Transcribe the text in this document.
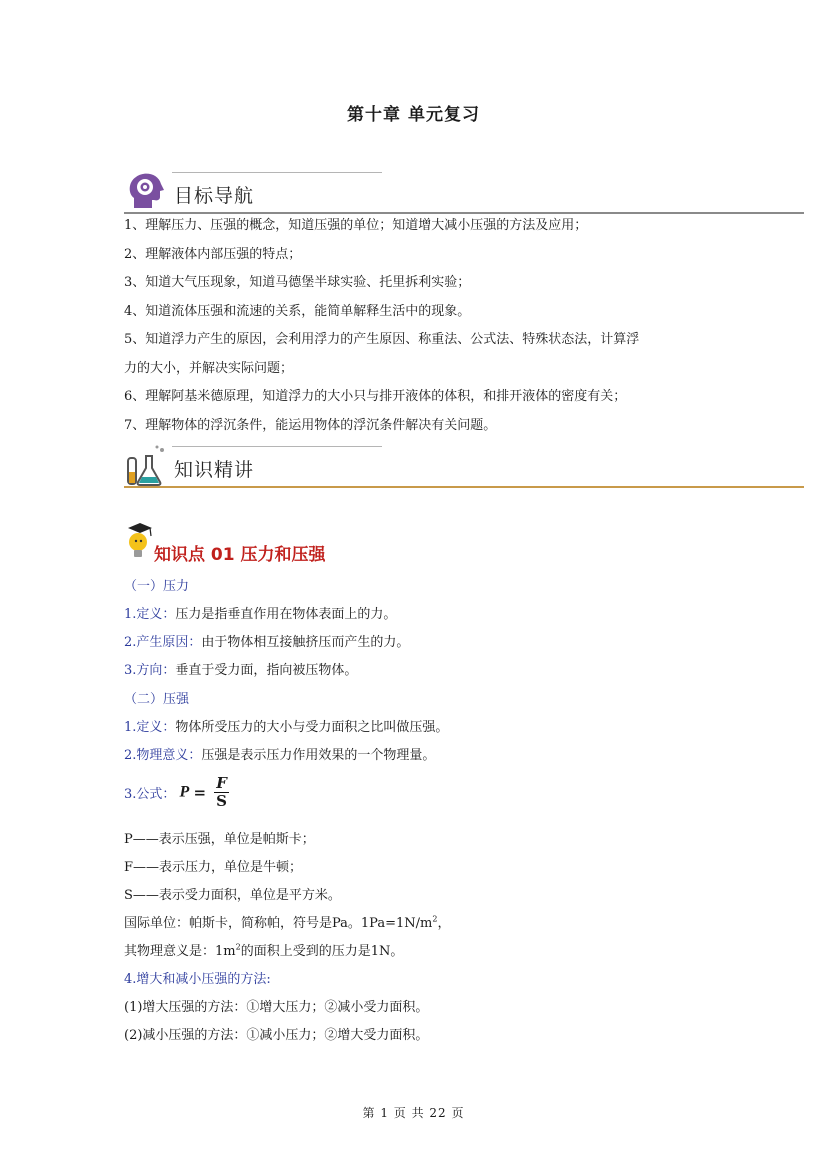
第十章 单元复习
目标导航
1、理解压力、压强的概念，知道压强的单位；知道增大减小压强的方法及应用；
2、理解液体内部压强的特点；
3、知道大气压现象，知道马德堡半球实验、托里拆利实验；
4、知道流体压强和流速的关系，能简单解释生活中的现象。
5、知道浮力产生的原因，会利用浮力的产生原因、称重法、公式法、特殊状态法，计算浮
力的大小，并解决实际问题；
6、理解阿基米德原理，知道浮力的大小只与排开液体的体积，和排开液体的密度有关；
7、理解物体的浮沉条件，能运用物体的浮沉条件解决有关问题。
知识精讲
知识点 01 压力和压强
（一）压力
1.定义：压力是指垂直作用在物体表面上的力。
2.产生原因：由于物体相互接触挤压而产生的力。
3.方向：垂直于受力面，指向被压物体。
（二）压强
1.定义：物体所受压力的大小与受力面积之比叫做压强。
2.物理意义：压强是表示压力作用效果的一个物理量。
3.公式： $P = \frac{F}{S}$
P——表示压强，单位是帕斯卡；
F——表示压力，单位是牛顿；
S——表示受力面积，单位是平方米。
国际单位：帕斯卡，简称帕，符号是Pa。$1Pa=1N/m^2$，
其物理意义是：$1m^2$的面积上受到的压力是1N。
4.增大和减小压强的方法:
(1)增大压强的方法：①增大压力；②减小受力面积。
(2)减小压强的方法：①减小压力；②增大受力面积。
第 1 页 共 22 页
